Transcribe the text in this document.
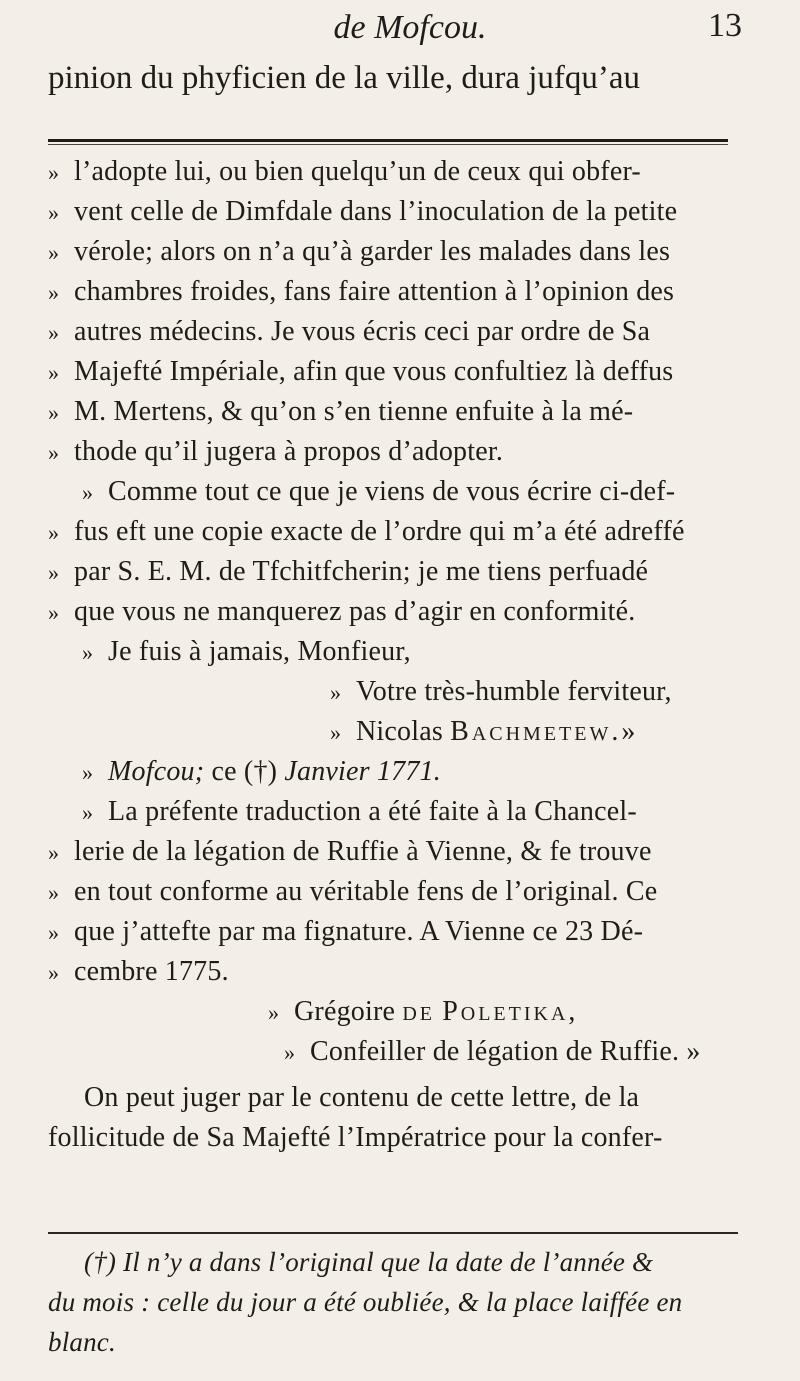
de Mofcou.	13
pinion du phyficien de la ville, dura jufqu’au
» l’adopte lui, ou bien quelqu’un de ceux qui obfer-
» vent celle de Dimfdale dans l’inoculation de la petite
» vérole; alors on n’a qu’à garder les malades dans les
» chambres froides, fans faire attention à l’opinion des
» autres médecins. Je vous écris ceci par ordre de Sa
» Majefté Impériale, afin que vous confultiez là deffus
» M. Mertens, & qu’on s’en tienne enfuite à la mé-
» thode qu’il jugera à propos d’adopter.
» Comme tout ce que je viens de vous écrire ci-def-
» fus eft une copie exacte de l’ordre qui m’a été adreffé
» par S. E. M. de Tfchitfcherin; je me tiens perfuadé
» que vous ne manquerez pas d’agir en conformité.
» Je fuis à jamais, Monfieur,
» Votre très-humble ferviteur,
» Nicolas Bachmetew.»
» Mofcou; ce (†) Janvier 1771.
» La préfente traduction a été faite à la Chancel-
» lerie de la légation de Ruffie à Vienne, & fe trouve
» en tout conforme au véritable fens de l’original. Ce
» que j’attefte par ma fignature. A Vienne ce 23 Dé-
» cembre 1775.
» Grégoire de Poletika,
» Confeiller de légation de Ruffie. »
On peut juger par le contenu de cette lettre, de la
follicitude de Sa Majefté l’Impératrice pour la confer-
(†) Il n’y a dans l’original que la date de l’année &
du mois : celle du jour a été oubliée, & la place laiffée en
blanc.
